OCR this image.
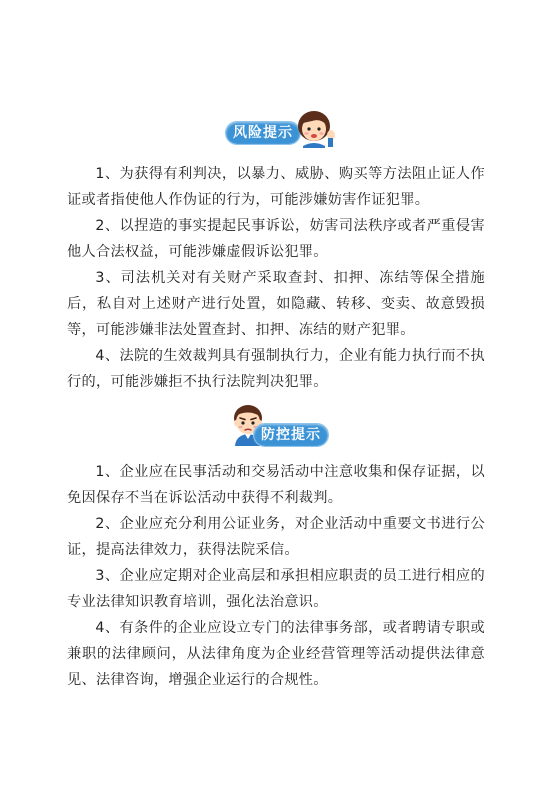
风险提示

1、为获得有利判决，以暴力、威胁、购买等方法阻止证人作证或者指使他人作伪证的行为，可能涉嫌妨害作证犯罪。

2、以捏造的事实提起民事诉讼，妨害司法秩序或者严重侵害他人合法权益，可能涉嫌虚假诉讼犯罪。

3、司法机关对有关财产采取查封、扣押、冻结等保全措施后，私自对上述财产进行处置，如隐藏、转移、变卖、故意毁损等，可能涉嫌非法处置查封、扣押、冻结的财产犯罪。

4、法院的生效裁判具有强制执行力，企业有能力执行而不执行的，可能涉嫌拒不执行法院判决犯罪。

防控提示

1、企业应在民事活动和交易活动中注意收集和保存证据，以免因保存不当在诉讼活动中获得不利裁判。

2、企业应充分利用公证业务，对企业活动中重要文书进行公证，提高法律效力，获得法院采信。

3、企业应定期对企业高层和承担相应职责的员工进行相应的专业法律知识教育培训，强化法治意识。

4、有条件的企业应设立专门的法律事务部，或者聘请专职或兼职的法律顾问，从法律角度为企业经营管理等活动提供法律意见、法律咨询，增强企业运行的合规性。
